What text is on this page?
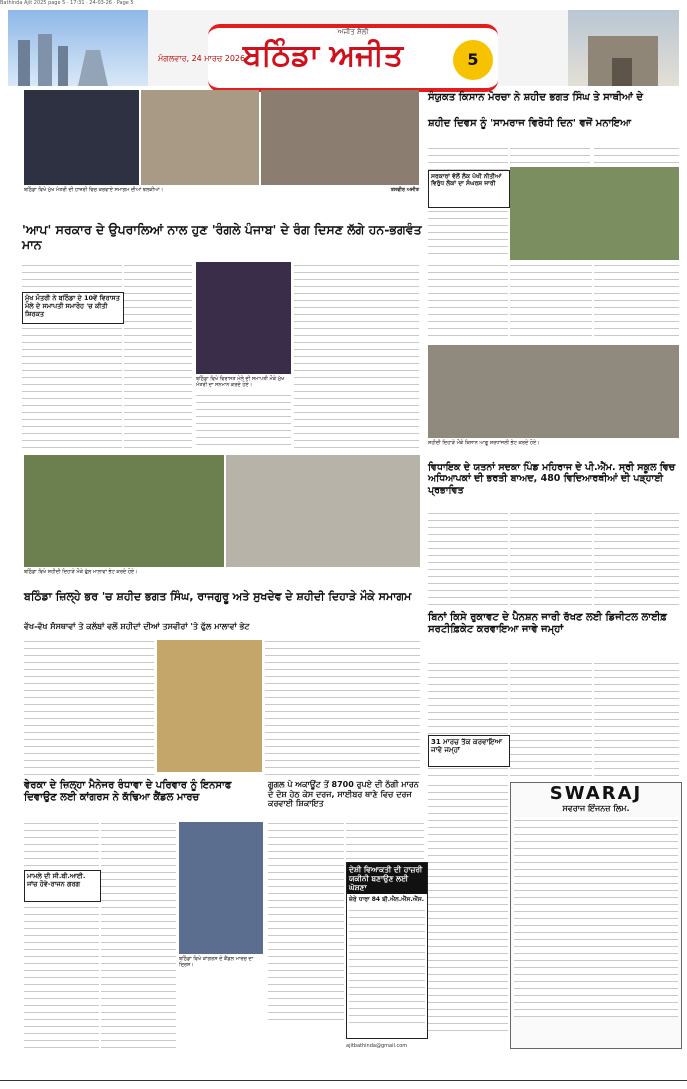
Bathinda Ajit 2025 page 5 · 17:31 · 24-03-26 · Page 5
ਅਜੀਤ ਸ਼ੈਲੀ
ਬਠਿੰਡਾ ਅਜੀਤ	5
ਮੰਗਲਵਾਰ, 24 ਮਾਰਚ 2026
ਬਠਿੰਡਾ ਵਿਖੇ ਮੁੱਖ ਮੰਤਰੀ ਦੀ ਹਾਜ਼ਰੀ ਵਿਚ ਕਰਵਾਏ ਸਮਾਗਮ ਦੀਆਂ ਝਲਕੀਆਂ।	ਤਸਵੀਰ ਅਜੀਤ
'ਆਪ' ਸਰਕਾਰ ਦੇ ਉਪਰਾਲਿਆਂ ਨਾਲ ਹੁਣ 'ਰੰਗਲੇ ਪੰਜਾਬ' ਦੇ ਰੰਗ ਦਿਸਣ ਲੱਗੇ ਹਨ-ਭਗਵੰਤ ਮਾਨ
ਮੁੱਖ ਮੰਤਰੀ ਨੇ ਬਠਿੰਡਾ ਦੇ 10ਵੇਂ ਵਿਰਾਸਤ ਮੇਲੇ ਦੇ ਸਮਾਪਤੀ ਸਮਾਰੋਹ 'ਚ ਕੀਤੀ ਸ਼ਿਰਕਤ
ਬਠਿੰਡਾ ਵਿਖੇ ਵਿਰਾਸਤ ਮੇਲੇ ਦੀ ਸਮਾਪਤੀ ਮੌਕੇ ਮੁੱਖ ਮੰਤਰੀ ਦਾ ਸਨਮਾਨ ਕਰਦੇ ਹੋਏ।
ਸੰਯੁਕਤ ਕਿਸਾਨ ਮੋਰਚਾ ਨੇ ਸ਼ਹੀਦ ਭਗਤ ਸਿੰਘ ਤੇ ਸਾਥੀਆਂ ਦੇ
ਸ਼ਹੀਦ ਦਿਵਸ ਨੂੰ 'ਸਾਮਰਾਜ ਵਿਰੋਧੀ ਦਿਨ' ਵਜੋਂ ਮਨਾਇਆ
ਸਰਕਾਰਾਂ ਵੱਲੋਂ ਲੋਕ ਪੱਖੀ ਨੀਤੀਆਂ ਵਿਰੁੱਧ ਲੋਕਾਂ ਦਾ ਸੰਘਰਸ਼ ਜਾਰੀ
ਸ਼ਹੀਦੀ ਦਿਹਾੜੇ ਮੌਕੇ ਕਿਸਾਨ ਆਗੂ ਸ਼ਰਧਾਂਜਲੀ ਭੇਟ ਕਰਦੇ ਹੋਏ।
ਬਠਿੰਡਾ ਵਿਖੇ ਸ਼ਹੀਦੀ ਦਿਹਾੜੇ ਮੌਕੇ ਫੁੱਲ ਮਾਲਾਵਾਂ ਭੇਟ ਕਰਦੇ ਹੋਏ।
ਵਿਧਾਇਕ ਦੇ ਯਤਨਾਂ ਸਦਕਾ ਪਿੰਡ ਮਹਿਰਾਜ ਦੇ ਪੀ.ਐੱਮ. ਸ੍ਰੀ ਸਕੂਲ ਵਿਚ ਅਧਿਆਪਕਾਂ ਦੀ ਭਰਤੀ ਬਾਅਦ, 480 ਵਿਦਿਆਰਥੀਆਂ ਦੀ ਪੜ੍ਹਾਈ ਪ੍ਰਭਾਵਿਤ
ਬਠਿੰਡਾ ਜ਼ਿਲ੍ਹੇ ਭਰ 'ਚ ਸ਼ਹੀਦ ਭਗਤ ਸਿੰਘ, ਰਾਜਗੁਰੂ ਅਤੇ ਸੁਖਦੇਵ ਦੇ ਸ਼ਹੀਦੀ ਦਿਹਾੜੇ ਮੌਕੇ ਸਮਾਗਮ
ਵੱਖ-ਵੱਖ ਸੰਸਥਾਵਾਂ ਤੇ ਕਲੱਬਾਂ ਵਲੋਂ ਸ਼ਹੀਦਾਂ ਦੀਆਂ ਤਸਵੀਰਾਂ 'ਤੇ ਫੁੱਲ ਮਾਲਾਵਾਂ ਭੇਟ
ਬਿਨਾਂ ਕਿਸੇ ਰੁਕਾਵਟ ਦੇ ਪੈਨਸ਼ਨ ਜਾਰੀ ਰੱਖਣ ਲਈ ਡਿਜੀਟਲ ਲਾਈਫ਼ ਸਰਟੀਫ਼ਿਕੇਟ ਕਰਵਾਇਆ ਜਾਵੇ ਜਮ੍ਹਾਂ
31 ਮਾਰਚ ਤੱਕ ਕਰਵਾਇਆ ਜਾਵੇ ਜਮ੍ਹਾਂ
ਵੇਰਕਾ ਦੇ ਜ਼ਿਲ੍ਹਾ ਮੈਨੇਜਰ ਰੰਧਾਵਾ ਦੇ ਪਰਿਵਾਰ ਨੂੰ ਇਨਸਾਫ ਦਿਵਾਉਣ ਲਈ ਕਾਂਗਰਸ ਨੇ ਕੱਢਿਆ ਕੈਂਡਲ ਮਾਰਚ
ਮਾਮਲੇ ਦੀ ਸੀ.ਬੀ.ਆਈ. ਜਾਂਚ ਹੋਵੇ-ਰਾਜਨ ਗਰਗ
ਬਠਿੰਡਾ ਵਿਖੇ ਕਾਂਗਰਸ ਦੇ ਕੈਂਡਲ ਮਾਰਚ ਦਾ ਦ੍ਰਿਸ਼।
ਗੂਗਲ ਪੇ ਅਕਾਊਂਟ ਤੋਂ 8700 ਰੁਪਏ ਦੀ ਠੱਗੀ ਮਾਰਨ ਦੇ ਦੋਸ਼ ਹੇਠ ਕੇਸ ਦਰਜ, ਸਾਈਬਰ ਥਾਣੇ ਵਿਚ ਦਰਜ ਕਰਵਾਈ ਸ਼ਿਕਾਇਤ
ਦੇਸ਼ੀ ਵਿਆਕਤੀ ਦੀ ਹਾਜ਼ਰੀ ਯਕੀਨੀ ਬਣਾਉਣ ਲਈ ਘੋਸ਼ਣਾ
ਜ਼ੇਰੇ ਧਾਰਾ 84 ਬੀ.ਐਨ.ਐੱਸ.ਐੱਸ.
ajitbathinda@gmail.com
SWARAJ
ਸਵਰਾਜ ਇੰਜਨਜ਼ ਲਿਮ.
